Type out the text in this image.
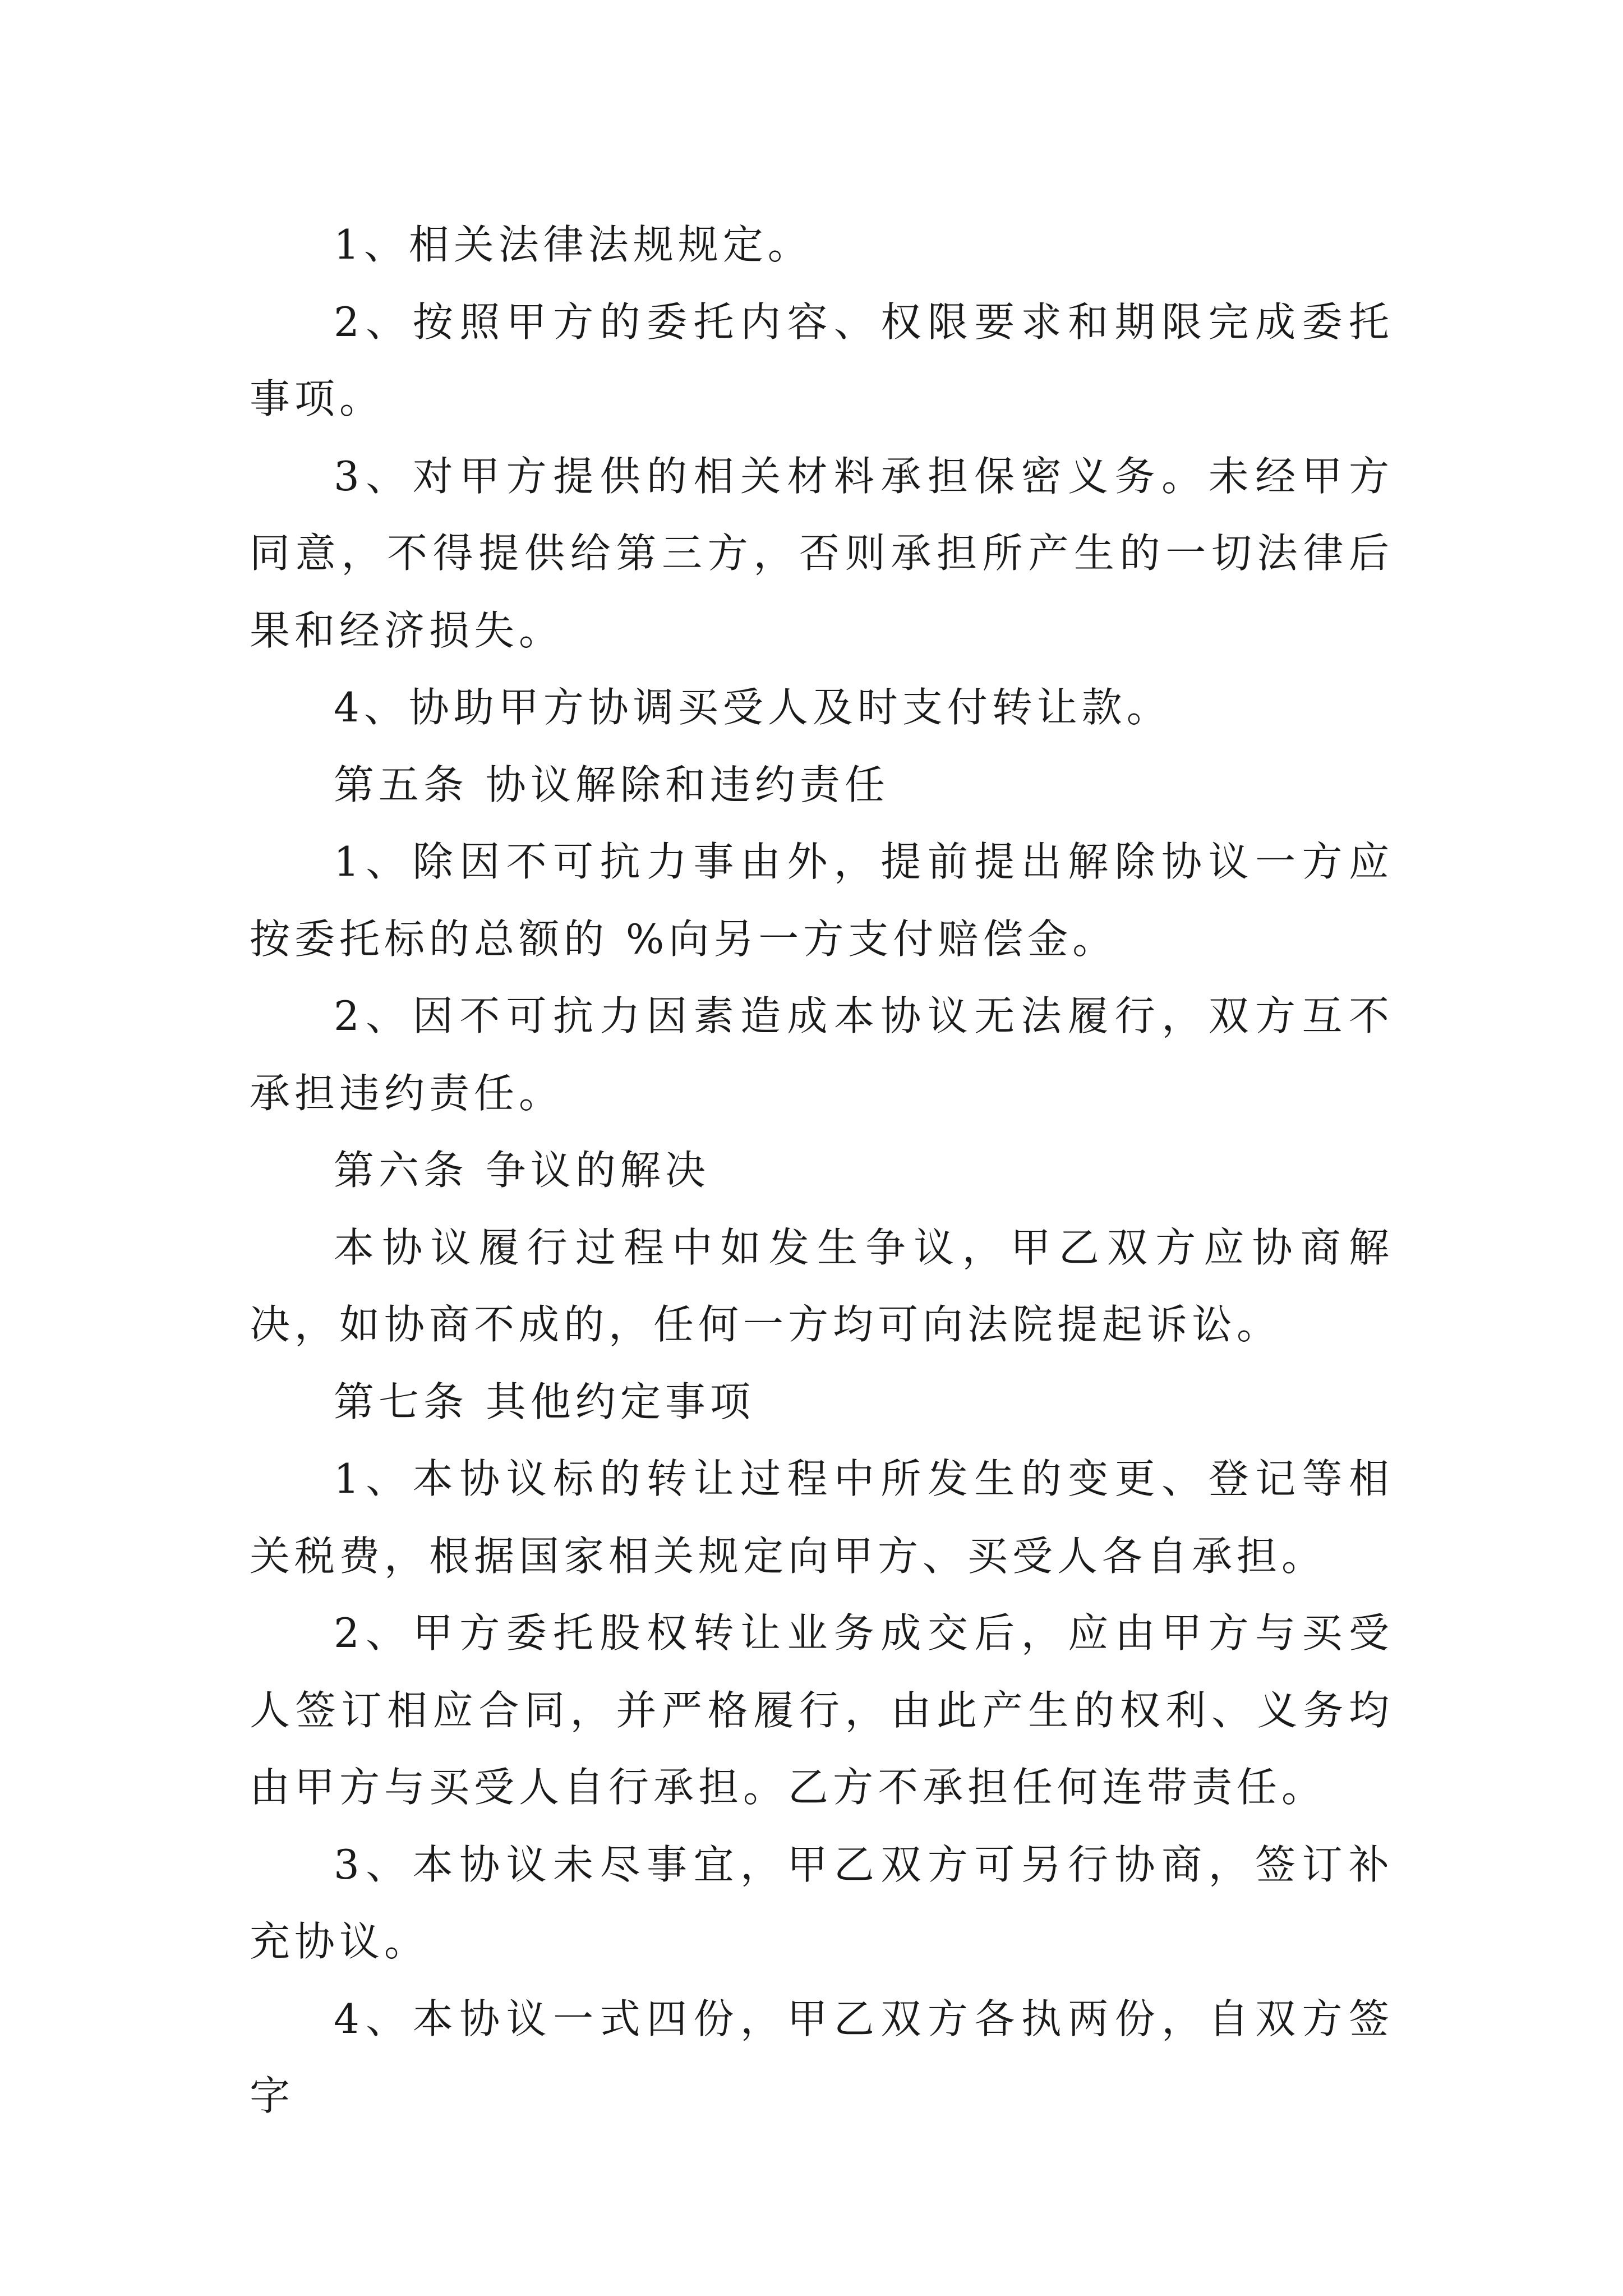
1、相关法律法规规定。

2、按照甲方的委托内容、权限要求和期限完成委托事项。

3、对甲方提供的相关材料承担保密义务。未经甲方同意，不得提供给第三方，否则承担所产生的一切法律后果和经济损失。

4、协助甲方协调买受人及时支付转让款。

第五条 协议解除和违约责任

1、除因不可抗力事由外，提前提出解除协议一方应按委托标的总额的 %向另一方支付赔偿金。

2、因不可抗力因素造成本协议无法履行，双方互不承担违约责任。

第六条 争议的解决

本协议履行过程中如发生争议，甲乙双方应协商解决，如协商不成的，任何一方均可向法院提起诉讼。

第七条 其他约定事项

1、本协议标的转让过程中所发生的变更、登记等相关税费，根据国家相关规定向甲方、买受人各自承担。

2、甲方委托股权转让业务成交后，应由甲方与买受人签订相应合同，并严格履行，由此产生的权利、义务均由甲方与买受人自行承担。乙方不承担任何连带责任。

3、本协议未尽事宜，甲乙双方可另行协商，签订补充协议。

4、本协议一式四份，甲乙双方各执两份，自双方签字
